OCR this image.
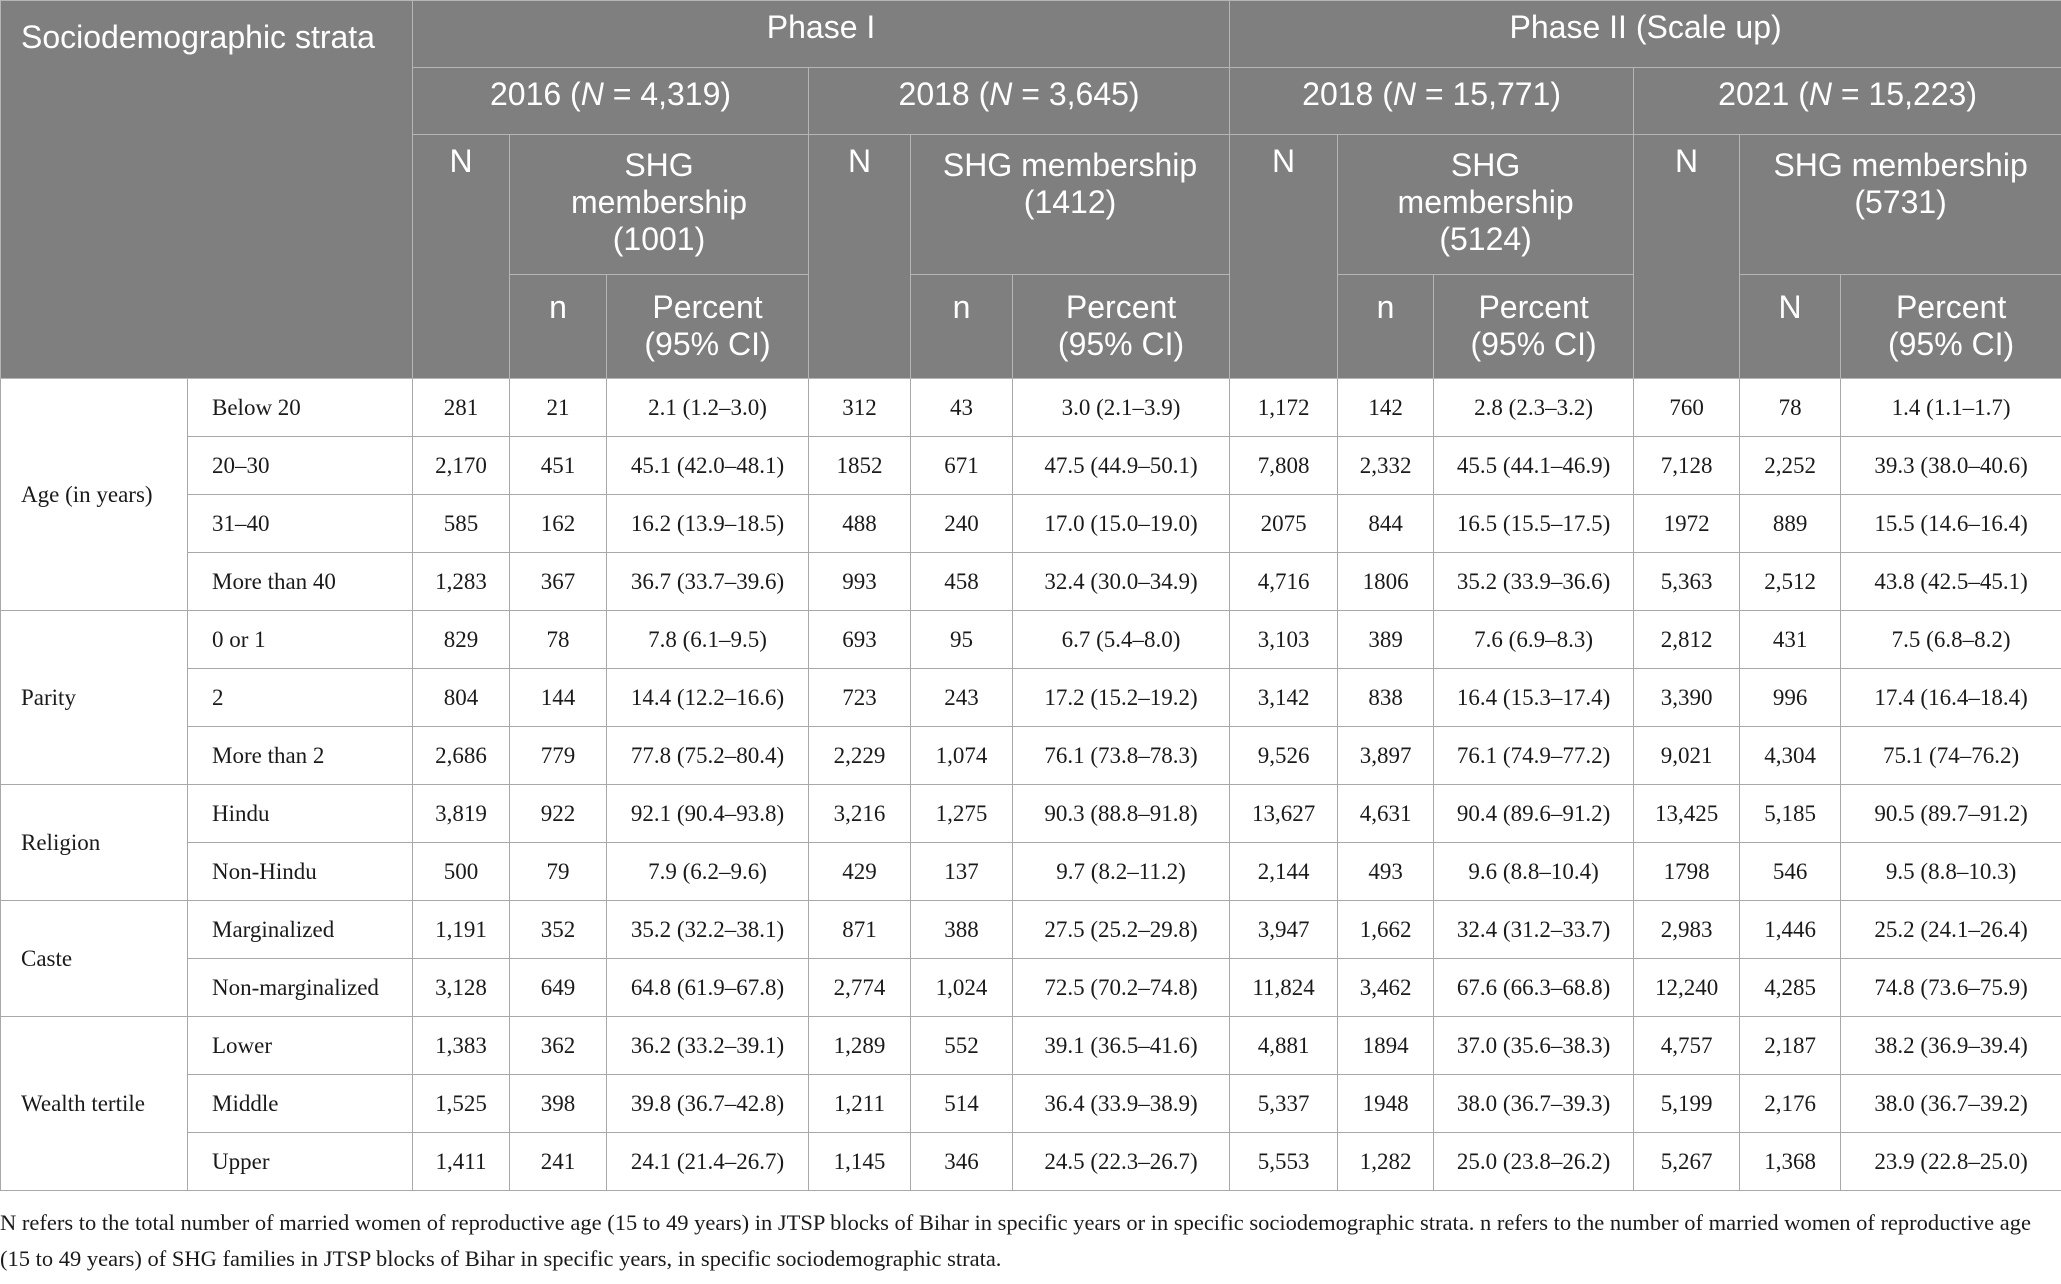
Sociodemographic strata		Phase I						Phase II (Scale up)					
		2016 (N = 4,319)			2018 (N = 3,645)			2018 (N = 15,771)			2021 (N = 15,223)		
		N	SHG membership (1001)		N	SHG membership (1412)		N	SHG membership (5124)		N	SHG membership (5731)	
			n	Percent (95% CI)		n	Percent (95% CI)		n	Percent (95% CI)		N	Percent (95% CI)
Age (in years)	Below 20	281	21	2.1 (1.2–3.0)	312	43	3.0 (2.1–3.9)	1,172	142	2.8 (2.3–3.2)	760	78	1.4 (1.1–1.7)
	20–30	2,170	451	45.1 (42.0–48.1)	1852	671	47.5 (44.9–50.1)	7,808	2,332	45.5 (44.1–46.9)	7,128	2,252	39.3 (38.0–40.6)
	31–40	585	162	16.2 (13.9–18.5)	488	240	17.0 (15.0–19.0)	2075	844	16.5 (15.5–17.5)	1972	889	15.5 (14.6–16.4)
	More than 40	1,283	367	36.7 (33.7–39.6)	993	458	32.4 (30.0–34.9)	4,716	1806	35.2 (33.9–36.6)	5,363	2,512	43.8 (42.5–45.1)
Parity	0 or 1	829	78	7.8 (6.1–9.5)	693	95	6.7 (5.4–8.0)	3,103	389	7.6 (6.9–8.3)	2,812	431	7.5 (6.8–8.2)
	2	804	144	14.4 (12.2–16.6)	723	243	17.2 (15.2–19.2)	3,142	838	16.4 (15.3–17.4)	3,390	996	17.4 (16.4–18.4)
	More than 2	2,686	779	77.8 (75.2–80.4)	2,229	1,074	76.1 (73.8–78.3)	9,526	3,897	76.1 (74.9–77.2)	9,021	4,304	75.1 (74–76.2)
Religion	Hindu	3,819	922	92.1 (90.4–93.8)	3,216	1,275	90.3 (88.8–91.8)	13,627	4,631	90.4 (89.6–91.2)	13,425	5,185	90.5 (89.7–91.2)
	Non-Hindu	500	79	7.9 (6.2–9.6)	429	137	9.7 (8.2–11.2)	2,144	493	9.6 (8.8–10.4)	1798	546	9.5 (8.8–10.3)
Caste	Marginalized	1,191	352	35.2 (32.2–38.1)	871	388	27.5 (25.2–29.8)	3,947	1,662	32.4 (31.2–33.7)	2,983	1,446	25.2 (24.1–26.4)
	Non-marginalized	3,128	649	64.8 (61.9–67.8)	2,774	1,024	72.5 (70.2–74.8)	11,824	3,462	67.6 (66.3–68.8)	12,240	4,285	74.8 (73.6–75.9)
Wealth tertile	Lower	1,383	362	36.2 (33.2–39.1)	1,289	552	39.1 (36.5–41.6)	4,881	1894	37.0 (35.6–38.3)	4,757	2,187	38.2 (36.9–39.4)
	Middle	1,525	398	39.8 (36.7–42.8)	1,211	514	36.4 (33.9–38.9)	5,337	1948	38.0 (36.7–39.3)	5,199	2,176	38.0 (36.7–39.2)
	Upper	1,411	241	24.1 (21.4–26.7)	1,145	346	24.5 (22.3–26.7)	5,553	1,282	25.0 (23.8–26.2)	5,267	1,368	23.9 (22.8–25.0)
N refers to the total number of married women of reproductive age (15 to 49 years) in JTSP blocks of Bihar in specific years or in specific sociodemographic strata. n refers to the number of married women of reproductive age (15 to 49 years) of SHG families in JTSP blocks of Bihar in specific years, in specific sociodemographic strata.
